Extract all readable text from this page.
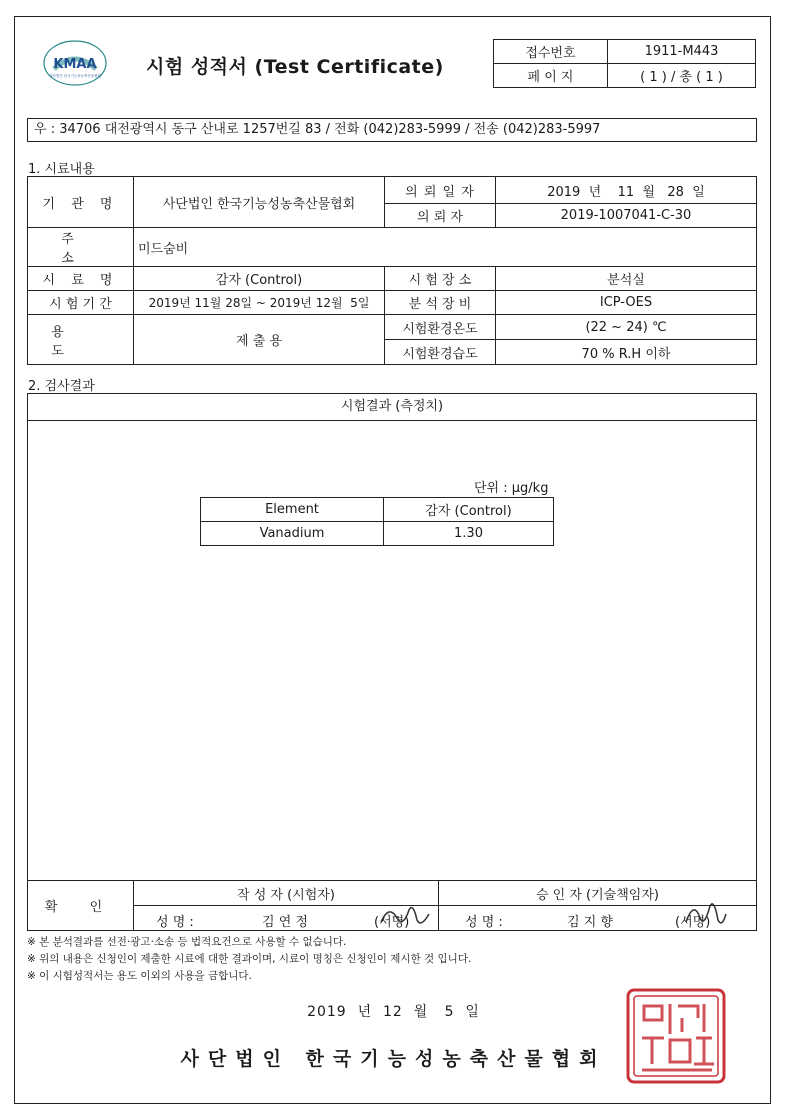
KMAA
사단법인 한국기능성농축산물협회 시험 성적서 (Test Certificate)
접수번호	1911-M443
페 이 지	( 1 ) / 총 ( 1 )
우 : 34706 대전광역시 동구 산내로 1257번길 83 / 전화 (042)283-5999 / 전송 (042)283-5997
1. 시료내용
기 관 명	사단법인 한국기능성농축산물협회	의 뢰 일 자	2019  년    11  월   28  일
		의 뢰 자	2019-1007041-C-30
주 소	미드숨비		
시 료 명	감자 (Control)	시 험 장 소	분석실
시 험 기 간	2019년 11월 28일 ~ 2019년 12월  5일	분 석 장 비	ICP-OES
용 도	제 출 용	시험환경온도	(22 ~ 24) ℃
		시험환경습도	70 % R.H 이하
2. 검사결과
시험결과 (측정치)
단위 : μg/kg
Element	감자 (Control)
Vanadium	1.30
확 인	작 성 자 (시험자)	승 인 자 (기술책임자)

	성 명 : 김 연 정 (서명)	성 명 : 김 지 향 (서명)
※ 본 분석결과를 선전·광고·소송 등 법적요건으로 사용할 수 없습니다.
※ 위의 내용은 신청인이 제출한 시료에 대한 결과이며, 시료이 명칭은 신청인이 제시한 것 입니다.
※ 이 시험성적서는 용도 이외의 사용을 금합니다.
2019  년  12  월   5  일
사단법인 한국기능성농축산물협회
